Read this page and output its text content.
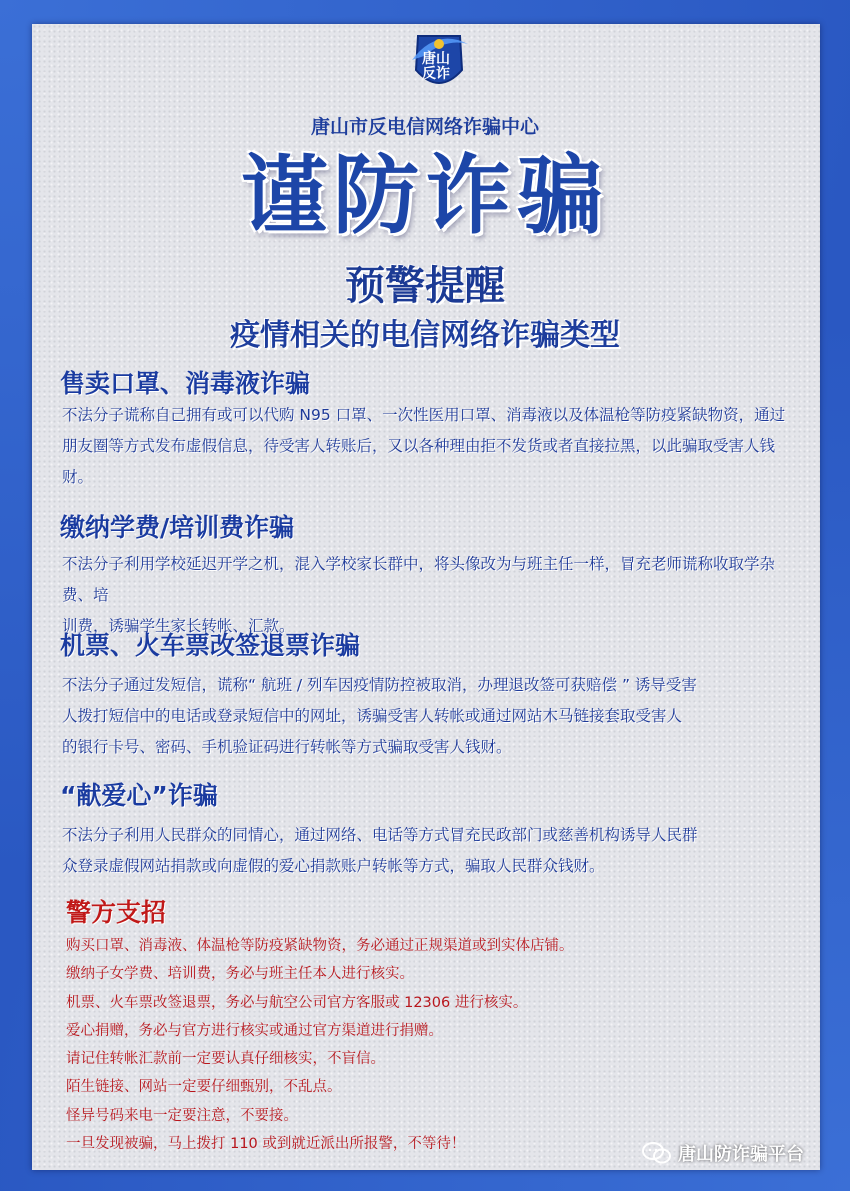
唐山
反诈
唐山市反电信网络诈骗中心
谨防诈骗
预警提醒
疫情相关的电信网络诈骗类型
售卖口罩、消毒液诈骗
不法分子谎称自己拥有或可以代购 N95 口罩、一次性医用口罩、消毒液以及体温枪等防疫紧缺物资，通过
朋友圈等方式发布虚假信息，待受害人转账后，又以各种理由拒不发货或者直接拉黑，以此骗取受害人钱
财。
缴纳学费/培训费诈骗
不法分子利用学校延迟开学之机，混入学校家长群中，将头像改为与班主任一样，冒充老师谎称收取学杂费、培
训费，诱骗学生家长转帐、汇款。
机票、火车票改签退票诈骗
不法分子通过发短信，谎称“ 航班 / 列车因疫情防控被取消，办理退改签可获赔偿 ” 诱导受害
人拨打短信中的电话或登录短信中的网址，诱骗受害人转帐或通过网站木马链接套取受害人
的银行卡号、密码、手机验证码进行转帐等方式骗取受害人钱财。
“献爱心”诈骗
不法分子利用人民群众的同情心，通过网络、电话等方式冒充民政部门或慈善机构诱导人民群
众登录虚假网站捐款或向虚假的爱心捐款账户转帐等方式，骗取人民群众钱财。
警方支招
购买口罩、消毒液、体温枪等防疫紧缺物资，务必通过正规渠道或到实体店铺。
缴纳子女学费、培训费，务必与班主任本人进行核实。
机票、火车票改签退票，务必与航空公司官方客服或 12306 进行核实。
爱心捐赠，务必与官方进行核实或通过官方渠道进行捐赠。
请记住转帐汇款前一定要认真仔细核实，不盲信。
陌生链接、网站一定要仔细甄别，不乱点。
怪异号码来电一定要注意，不要接。
一旦发现被骗，马上拨打 110 或到就近派出所报警，不等待！	唐山防诈骗平台
